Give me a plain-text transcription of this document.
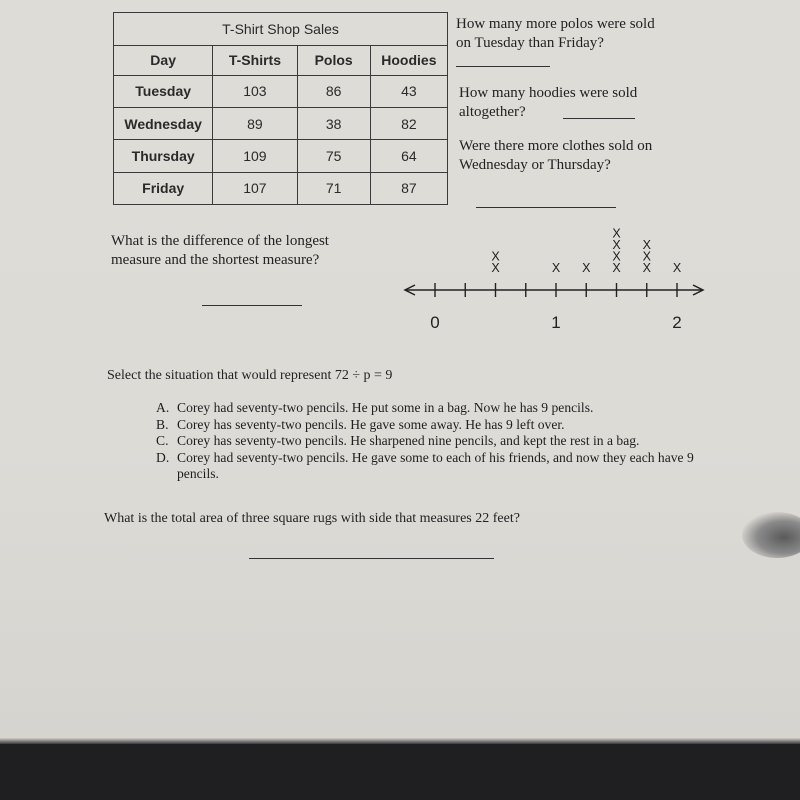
T-Shirt Shop Sales			
Day	T-Shirts	Polos	Hoodies
Tuesday	103	86	43
Wednesday	89	38	82
Thursday	109	75	64
Friday	107	71	87
How many more polos were sold
on Tuesday than Friday?
How many hoodies were sold
altogether?
Were there more clothes sold on
Wednesday or Thursday?
What is the difference of the longest
measure and the shortest measure?
0	1	2
X
X
X X X
X
X
X
X
X
X
X
Select the situation that would represent 72 ÷ p = 9
A. Corey had seventy-two pencils. He put some in a bag. Now he has 9 pencils.
B. Corey has seventy-two pencils. He gave some away. He has 9 left over.
C. Corey has seventy-two pencils. He sharpened nine pencils, and kept the rest in a bag.
D. Corey had seventy-two pencils. He gave some to each of his friends, and now they each have 9 pencils.
What is the total area of three square rugs with side that measures 22 feet?
